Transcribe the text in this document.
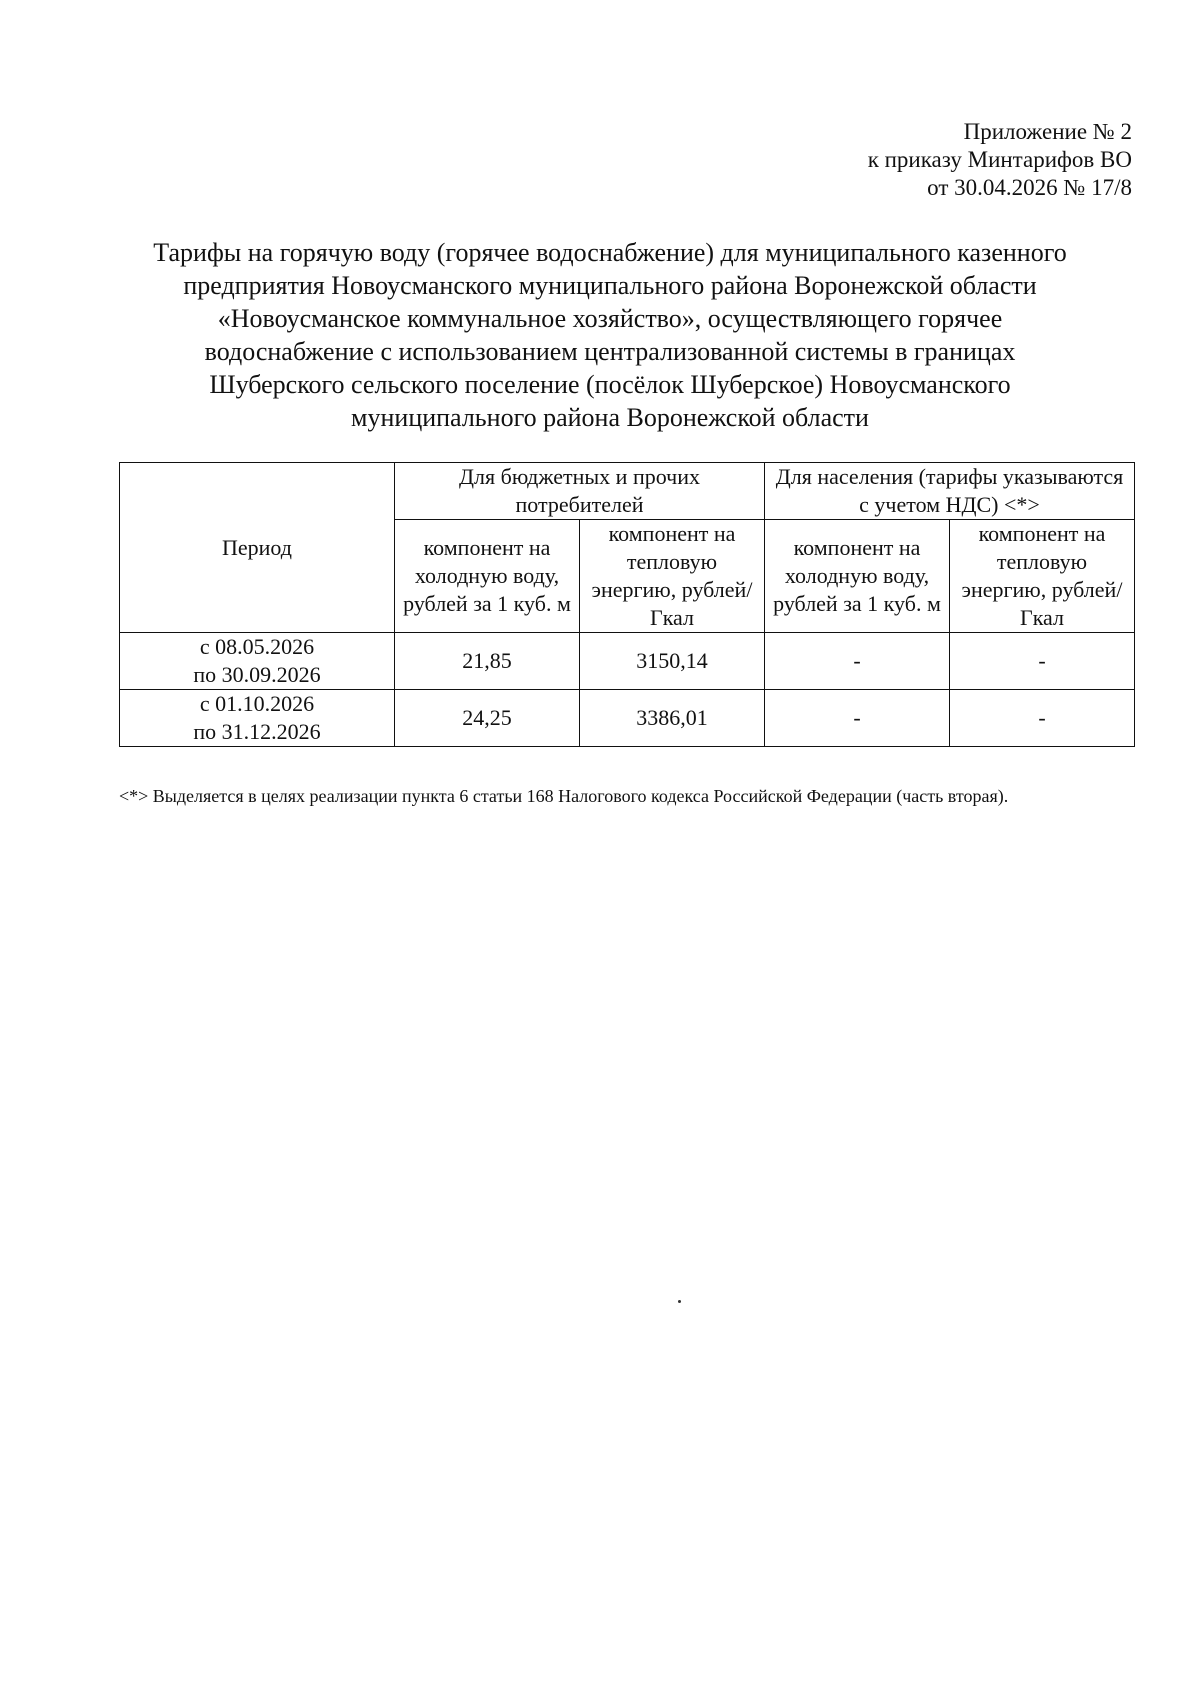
Приложение № 2
к приказу Минтарифов ВО
от 30.04.2026 № 17/8
Тарифы на горячую воду (горячее водоснабжение) для муниципального казенного
предприятия Новоусманского муниципального района Воронежской области
«Новоусманское коммунальное хозяйство», осуществляющего горячее
водоснабжение с использованием централизованной системы в границах
Шуберского сельского поселение (посёлок Шуберское) Новоусманского
муниципального района Воронежской области
Период	Для бюджетных и прочих потребителей		Для населения (тарифы указываются с учетом НДС) <*>	
	компонент на холодную воду, рублей за 1 куб. м	компонент на тепловую энергию, рублей/Гкал	компонент на холодную воду, рублей за 1 куб. м	компонент на тепловую энергию, рублей/Гкал

с 08.05.2026
по 30.09.2026	21,85	3150,14	-	-

с 01.10.2026
по 31.12.2026	24,25	3386,01	-	-
<*> Выделяется в целях реализации пункта 6 статьи 168 Налогового кодекса Российской Федерации (часть вторая).
